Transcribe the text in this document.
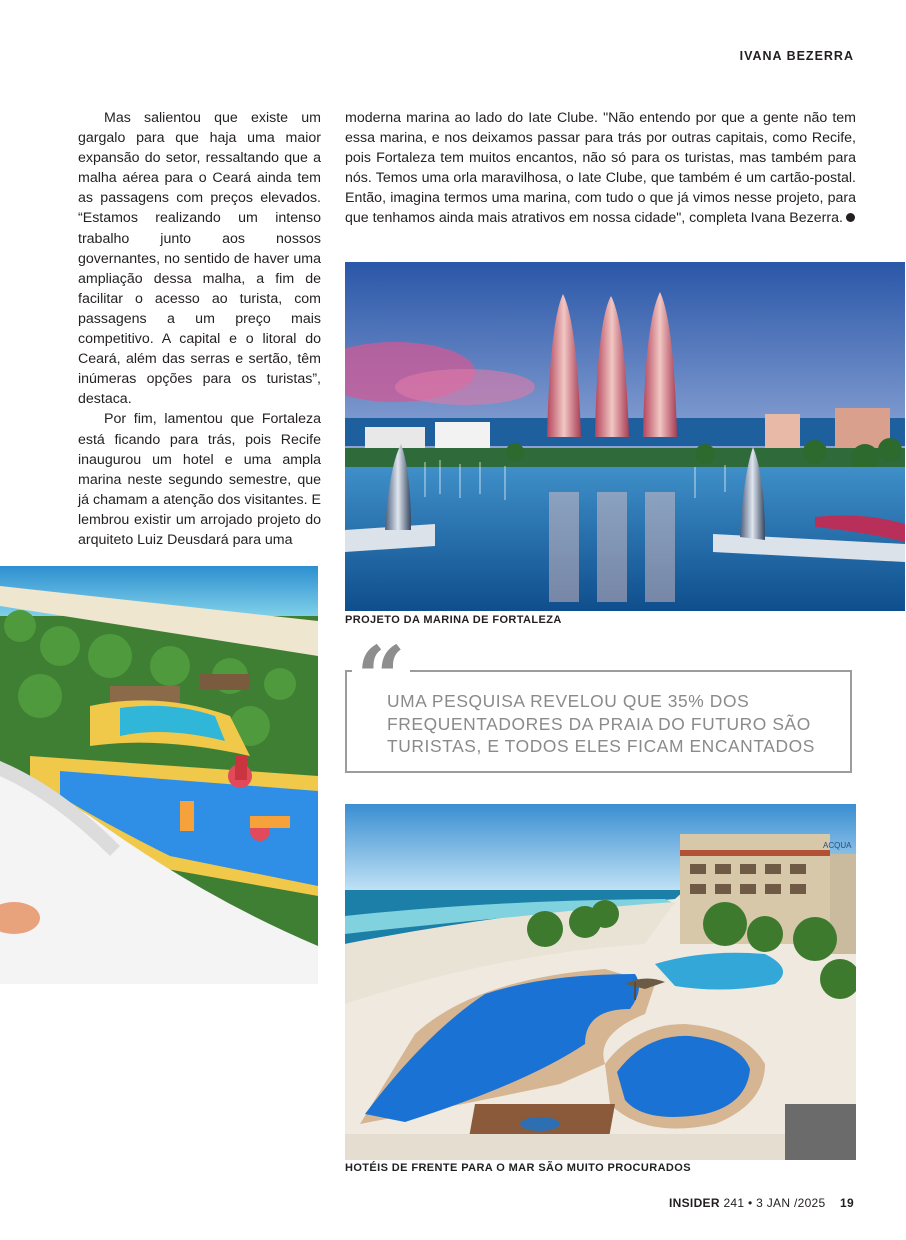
IVANA BEZERRA

Mas salientou que existe um gargalo para que haja uma maior expansão do setor, ressaltando que a malha aérea para o Ceará ainda tem as passagens com preços elevados. “Estamos realizando um intenso trabalho junto aos nossos governantes, no sentido de haver uma ampliação dessa malha, a fim de facilitar o acesso ao turista, com passagens a um preço mais competitivo. A capital e o litoral do Ceará, além das serras e sertão, têm inúmeras opções para os turistas”, destaca.

Por fim, lamentou que Fortaleza está ficando para trás, pois Recife inaugurou um hotel e uma ampla marina neste segundo semestre, que já chamam a atenção dos visitantes. E lembrou existir um arrojado projeto do arquiteto Luiz Deusdará para uma

moderna marina ao lado do Iate Clube. "Não entendo por que a gente não tem essa marina, e nos deixamos passar para trás por outras capitais, como Recife, pois Fortaleza tem muitos encantos, não só para os turistas, mas também para nós. Temos uma orla maravilhosa, o Iate Clube, que também é um cartão-postal. Então, imagina termos uma marina, com tudo o que já vimos nesse projeto, para que tenhamos ainda mais atrativos em nossa cidade", completa Ivana Bezerra.

PROJETO DA MARINA DE FORTALEZA
“
UMA PESQUISA REVELOU QUE 35% DOS FREQUENTADORES DA PRAIA DO FUTURO SÃO TURISTAS, E TODOS ELES FICAM ENCANTADOS
ACQUA
HOTÉIS DE FRENTE PARA O MAR SÃO MUITO PROCURADOS
INSIDER 241 • 3 JAN /2025 19
